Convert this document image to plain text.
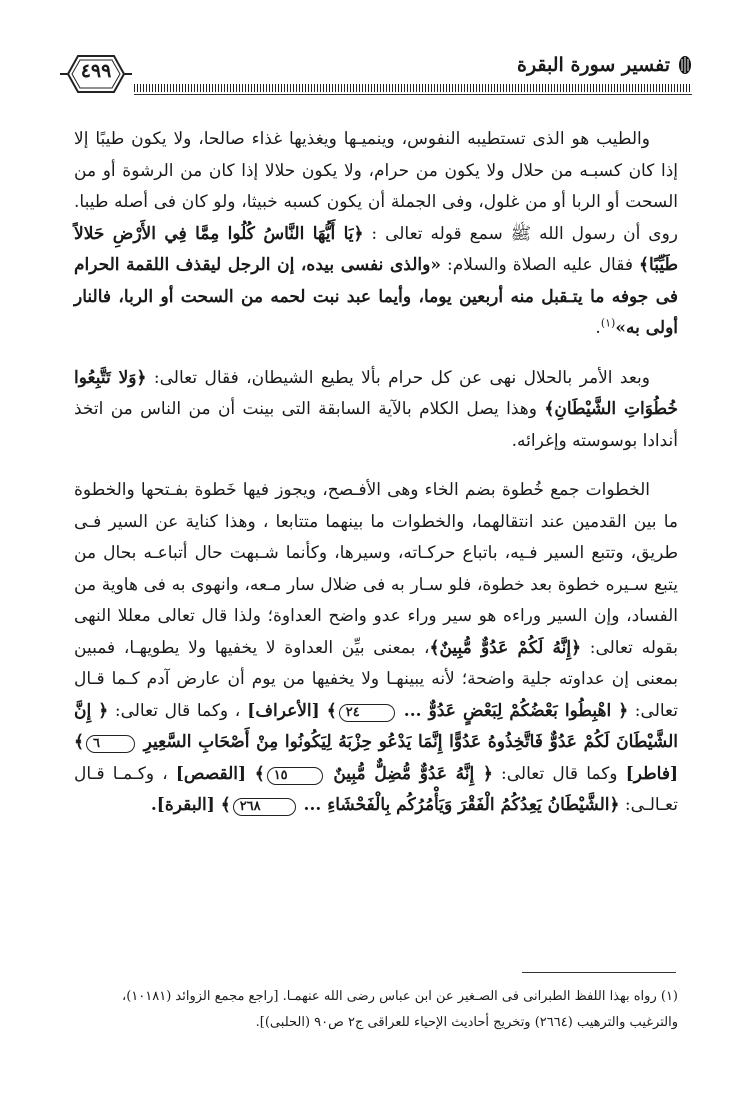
٤٩٩	تفسير سورة البقرة

والطيب هو الذى تستطيبه النفوس، وينميـها ويغذيها غذاء صالحا، ولا يكون طيبًا إلا إذا كان كسبـه من حلال ولا يكون من حرام، ولا يكون حلالا إذا كان من الرشوة أو من السحت أو الربا أو من غلول، وفى الجملة أن يكون كسبه خبيثا، ولو كان فى أصله طيبا. روى أن رسول الله ﷺ سمع قوله تعالى : ﴿يَا أَيُّهَا النَّاسُ كُلُوا مِمَّا فِي الأَرْضِ حَلالاً طَيِّبًا﴾ فقال عليه الصلاة والسلام: «والذى نفسى بيده، إن الرجل ليقذف اللقمة الحرام فى جوفه ما يتـقبل منه أربعين يوما، وأيما عبد نبت لحمه من السحت أو الربا، فالنار أولى به»$^{(١)}$.

وبعد الأمر بالحلال نهى عن كل حرام بألا يطيع الشيطان، فقال تعالى: ﴿وَلا تَتَّبِعُوا خُطُوَاتِ الشَّيْطَانِ﴾ وهذا يصل الكلام بالآية السابقة التى بينت أن من الناس من اتخذ أندادا بوسوسته وإغرائه.

الخطوات جمع خُطوة بضم الخاء وهى الأفـصح، ويجوز فيها خَطوة بفـتحها والخطوة ما بين القدمين عند انتقالهما، والخطوات ما بينهما متتابعا ، وهذا كناية عن السير فـى طريق، وتتبع السير فـيه، باتباع حركـاته، وسيرها، وكأنما شـبهت حال أتباعـه بحال من يتبع سـيره خطوة بعد خطوة، فلو سـار به فى ضلال سار مـعه، وانهوى به فى هاوية من الفساد، وإن السير وراءه هو سير وراء عدو واضح العداوة؛ ولذا قال تعالى معللا النهى بقوله تعالى: ﴿إِنَّهُ لَكُمْ عَدُوٌّ مُّبِينٌ﴾، بمعنى بيِّن العداوة لا يخفيها ولا يطويهـا، فمبين بمعنى إن عداوته جلية واضحة؛ لأنه يبينهـا ولا يخفيها من يوم أن عارض آدم كـما قـال تعالى: ﴿ اهْبِطُوا بَعْضُكُمْ لِبَعْضٍ عَدُوٌّ ... ٢٤﴾ [الأعراف] ، وكما قال تعالى: ﴿ إِنَّ الشَّيْطَانَ لَكُمْ عَدُوٌّ فَاتَّخِذُوهُ عَدُوًّا إِنَّمَا يَدْعُو حِزْبَهُ لِيَكُونُوا مِنْ أَصْحَابِ السَّعِيرِ ٦﴾ [فاطر] وكما قال تعالى: ﴿ إِنَّهُ عَدُوٌّ مُّضِلٌّ مُّبِينٌ ١٥﴾ [القصص] ، وكـمـا قـال تعـالـى: ﴿الشَّيْطَانُ يَعِدُكُمُ الْفَقْرَ وَيَأْمُرُكُم بِالْفَحْشَاءِ ... ٢٦٨﴾ [البقرة].

(١) رواه بهذا اللفظ الطبرانى فى الصـغير عن ابن عباس رضى الله عنهمـا. [راجع مجمع الزوائد (١٠١٨١)،

والترغيب والترهيب (٢٦٦٤) وتخريج أحاديث الإحياء للعراقى ج٢ ص٩٠ (الحلبى)].
